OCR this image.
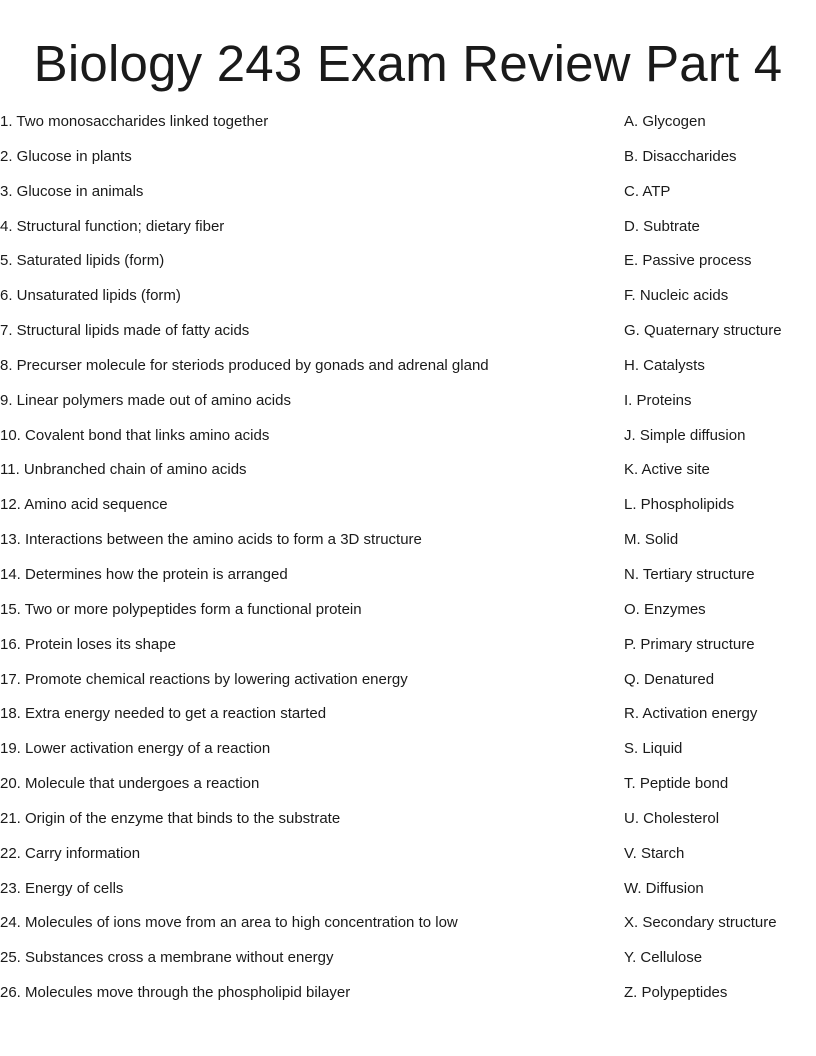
Biology 243 Exam Review Part 4
1. Two monosaccharides linked together	A. Glycogen
2. Glucose in plants	B. Disaccharides
3. Glucose in animals	C. ATP
4. Structural function; dietary fiber	D. Subtrate
5. Saturated lipids (form)	E. Passive process
6. Unsaturated lipids (form)	F. Nucleic acids
7. Structural lipids made of fatty acids	G. Quaternary structure
8. Precurser molecule for steriods produced by gonads and adrenal gland	H. Catalysts
9. Linear polymers made out of amino acids	I. Proteins
10. Covalent bond that links amino acids	J. Simple diffusion
11. Unbranched chain of amino acids	K. Active site
12. Amino acid sequence	L. Phospholipids
13. Interactions between the amino acids to form a 3D structure	M. Solid
14. Determines how the protein is arranged	N. Tertiary structure
15. Two or more polypeptides form a functional protein	O. Enzymes
16. Protein loses its shape	P. Primary structure
17. Promote chemical reactions by lowering activation energy	Q. Denatured
18. Extra energy needed to get a reaction started	R. Activation energy
19. Lower activation energy of a reaction	S. Liquid
20. Molecule that undergoes a reaction	T. Peptide bond
21. Origin of the enzyme that binds to the substrate	U. Cholesterol
22. Carry information	V. Starch
23. Energy of cells	W. Diffusion
24. Molecules of ions move from an area to high concentration to low	X. Secondary structure
25. Substances cross a membrane without energy	Y. Cellulose
26. Molecules move through the phospholipid bilayer	Z. Polypeptides
